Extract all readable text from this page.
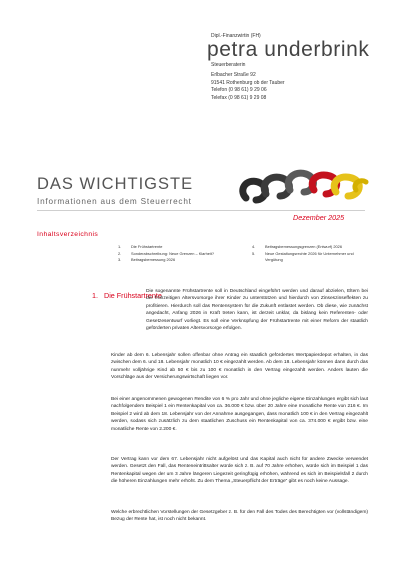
Dipl.-Finanzwirtin (FH)
petra underbrink
Steuerberaterin
Erlbacher Straße 92
91541 Rothenburg ob der Tauber
Telefon (0 98 61) 9 29 06
Telefax (0 98 61) 9 29 08
DAS WICHTIGSTE
Informationen aus dem Steuerrecht
Dezember 2025
Inhaltsverzeichnis
1.	Die Frühstartrente
2.	Sonderabschreibung: Neue Grenzen – Klarheit?
3.	Beitragsbemessung 2026
4.	Beitragsbemessungsgrenzen (Entwurf) 2026
5.	Neue Gestaltungsrechte 2026 für Unternehmer und
Vergütung
1. Die Frühstartrente
Die sogenannte Frühstartrente soll in Deutschland eingeführt werden und darauf abzielen, Eltern bei der frühzeitigen Altersvorsorge ihrer Kinder zu unterstützen und hierdurch von Zinseszinseffekten zu profitieren. Hierdurch soll das Rentensystem für die Zukunft entlastet werden. Ob diese, wie zunächst angedacht, Anfang 2026 in Kraft treten kann, ist derzeit unklar, da bislang kein Referenten- oder Gesetzesentwurf vorliegt. Es soll eine Verknüpfung der Frühstartrente mit einer Reform der staatlich geförderten privaten Altersvorsorge erfolgen.
Kinder ab dem 6. Lebensjahr sollen offenbar ohne Antrag ein staatlich gefördertes Wertpapierdepot erhalten, in das zwischen dem 6. und 18. Lebensjahr monatlich 10 € eingezahlt werden. Ab dem 18. Lebensjahr können dann durch das nunmehr volljährige Kind ab 50 € bis zu 100 € monatlich in den Vertrag eingezahlt werden. Anders lauten die Vorschläge aus der Versicherungswirtschaft liegen vor.
Bei einer angenommenen gewogenen Rendite von 6 % pro Jahr und ohne jegliche eigene Einzahlungen ergibt sich laut nachfolgendem Beispiel 1 ein Rentenkapital von ca. 36.000 € bzw. über 20 Jahre eine monatliche Rente von 216 €. Im Beispiel 2 wird ab dem 18. Lebensjahr von der Annahme ausgegangen, dass monatlich 100 € in den Vertrag eingezahlt werden, sodass sich zusätzlich zu dem staatlichen Zuschuss ein Rentenkapital von ca. 374.000 € ergibt bzw. eine monatliche Rente von 2.200 €.
Der Vertrag kann vor dem 67. Lebensjahr nicht aufgelöst und das Kapital auch nicht für andere Zwecke verwendet werden. Gesetzt den Fall, das Renteneintrittsalter würde sich z. B. auf 70 Jahre erhöhen, würde sich im Beispiel 1 das Rentenkapital wegen der um 3 Jahre längeren Liegezeit geringfügig erhöhen, während es sich im Beispielsfall 2 durch die höheren Einzahlungen mehr erhöht. Zu dem Thema „Steuerpflicht der Erträge“ gibt es noch keine Aussage.
Welche erbrechtlichen Vorstellungen der Gesetzgeber z. B. für den Fall des Todes des Berechtigten vor (vollständigem) Bezug der Rente hat, ist noch nicht bekannt.
